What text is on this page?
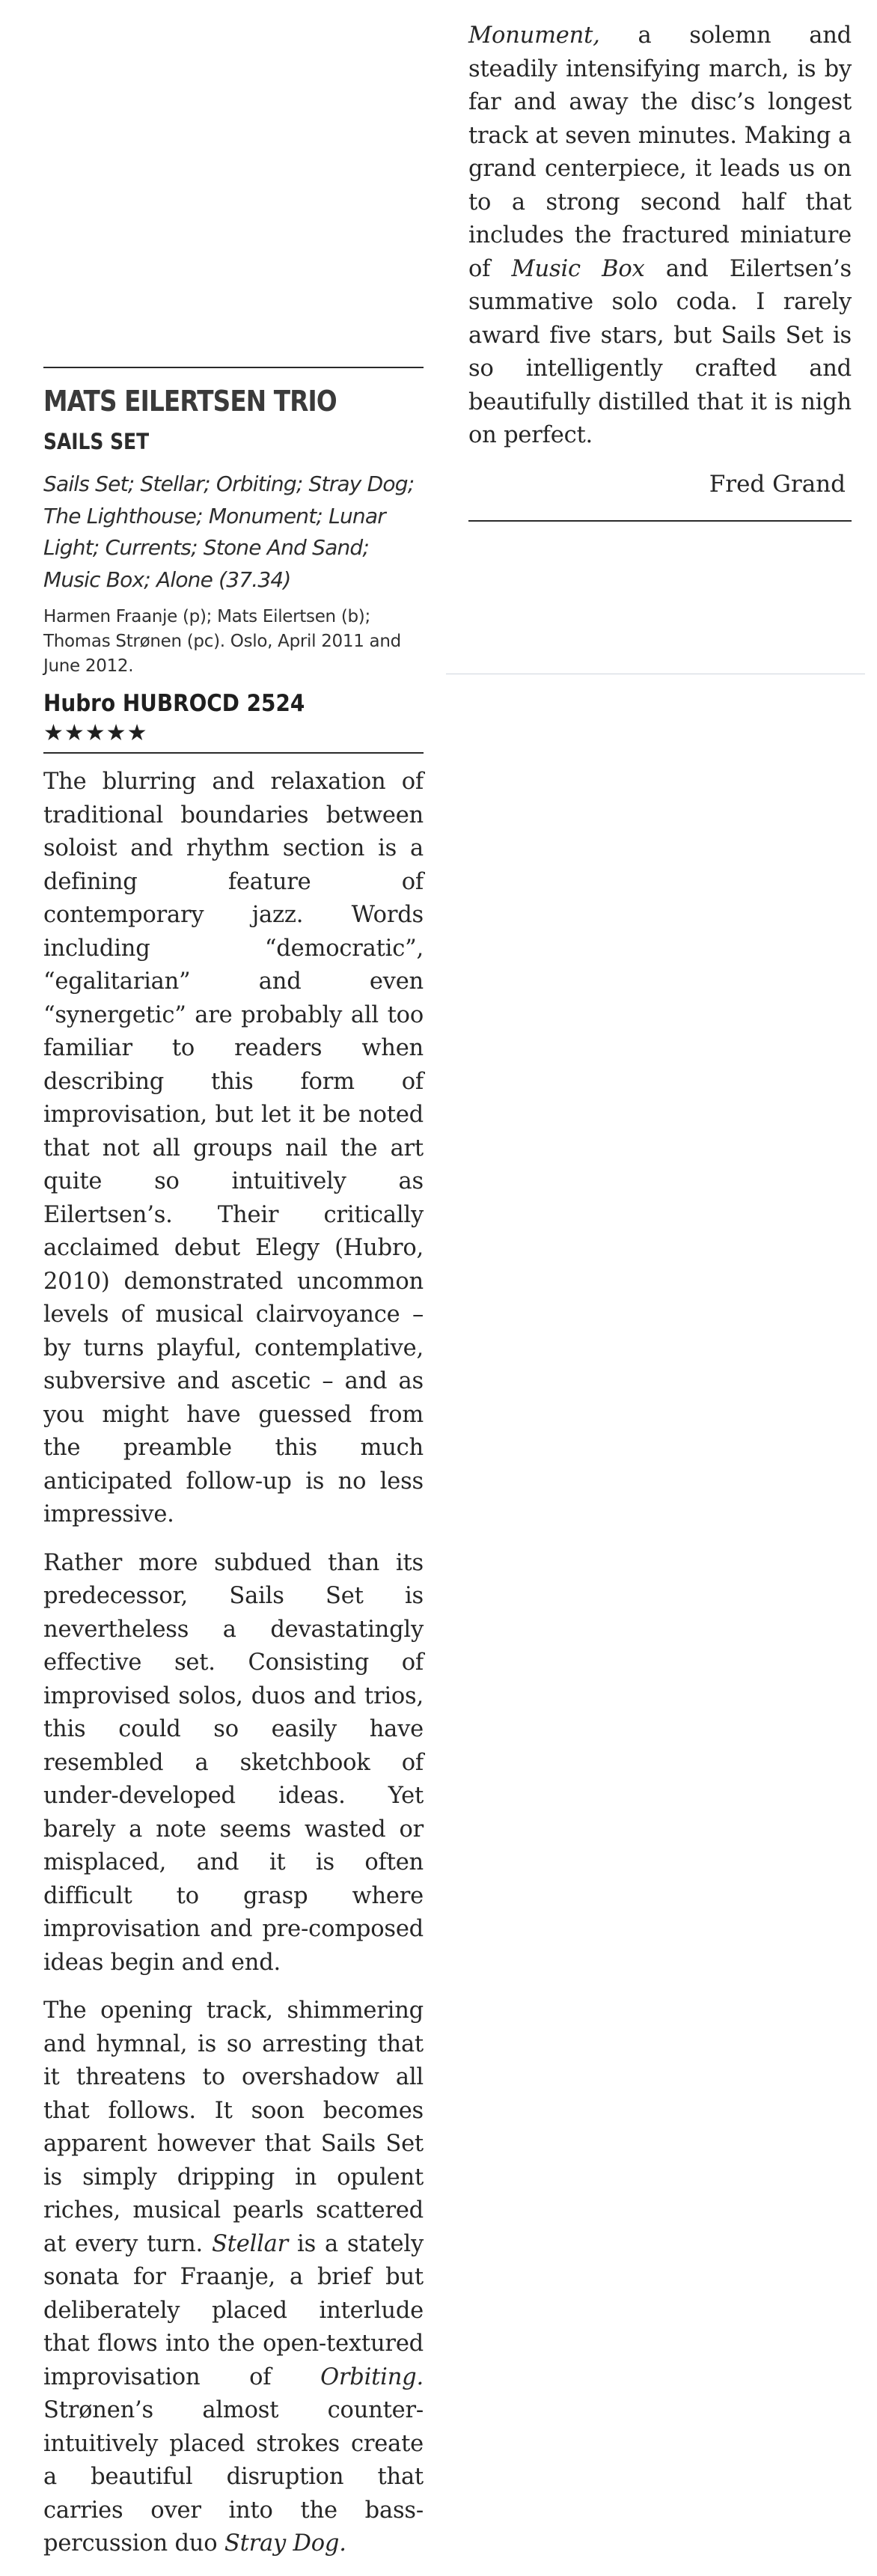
MATS EILERTSEN TRIO
SAILS SET

Sails Set; Stellar; Orbiting; Stray Dog; The Lighthouse; Monument; Lunar Light; Currents; Stone And Sand; Music Box; Alone (37.34)

Harmen Fraanje (p); Mats Eilertsen (b); Thomas Strønen (pc). Oslo, April 2011 and June 2012.

Hubro HUBROCD 2524

★★★★★

The blurring and relaxation of traditional boundaries between soloist and rhythm section is a defining feature of contemporary jazz. Words including “democratic”, “egalitarian” and even “synergetic” are probably all too familiar to readers when describing this form of improvisation, but let it be noted that not all groups nail the art quite so intuitively as Eilertsen’s. Their critically acclaimed debut Elegy (Hubro, 2010) demonstrated uncommon levels of musical clairvoyance – by turns playful, contemplative, subversive and ascetic – and as you might have guessed from the preamble this much anticipated follow-up is no less impressive.

Rather more subdued than its predecessor, Sails Set is nevertheless a devastatingly effective set. Consisting of improvised solos, duos and trios, this could so easily have resembled a sketchbook of under-developed ideas. Yet barely a note seems wasted or misplaced, and it is often difficult to grasp where improvisation and pre-composed ideas begin and end.

The opening track, shimmering and hymnal, is so arresting that it threatens to overshadow all that follows. It soon becomes apparent however that Sails Set is simply dripping in opulent riches, musical pearls scattered at every turn. Stellar is a stately sonata for Fraanje, a brief but deliberately placed interlude that flows into the open-textured improvisation of Orbiting. Strønen’s almost counter-intuitively placed strokes create a beautiful disruption that carries over into the bass-percussion duo Stray Dog.

Monument, a solemn and steadily intensifying march, is by far and away the disc’s longest track at seven minutes. Making a grand centerpiece, it leads us on to a strong second half that includes the fractured miniature of Music Box and Eilertsen’s summative solo coda. I rarely award five stars, but Sails Set is so intelligently crafted and beautifully distilled that it is nigh on perfect.

Fred Grand
